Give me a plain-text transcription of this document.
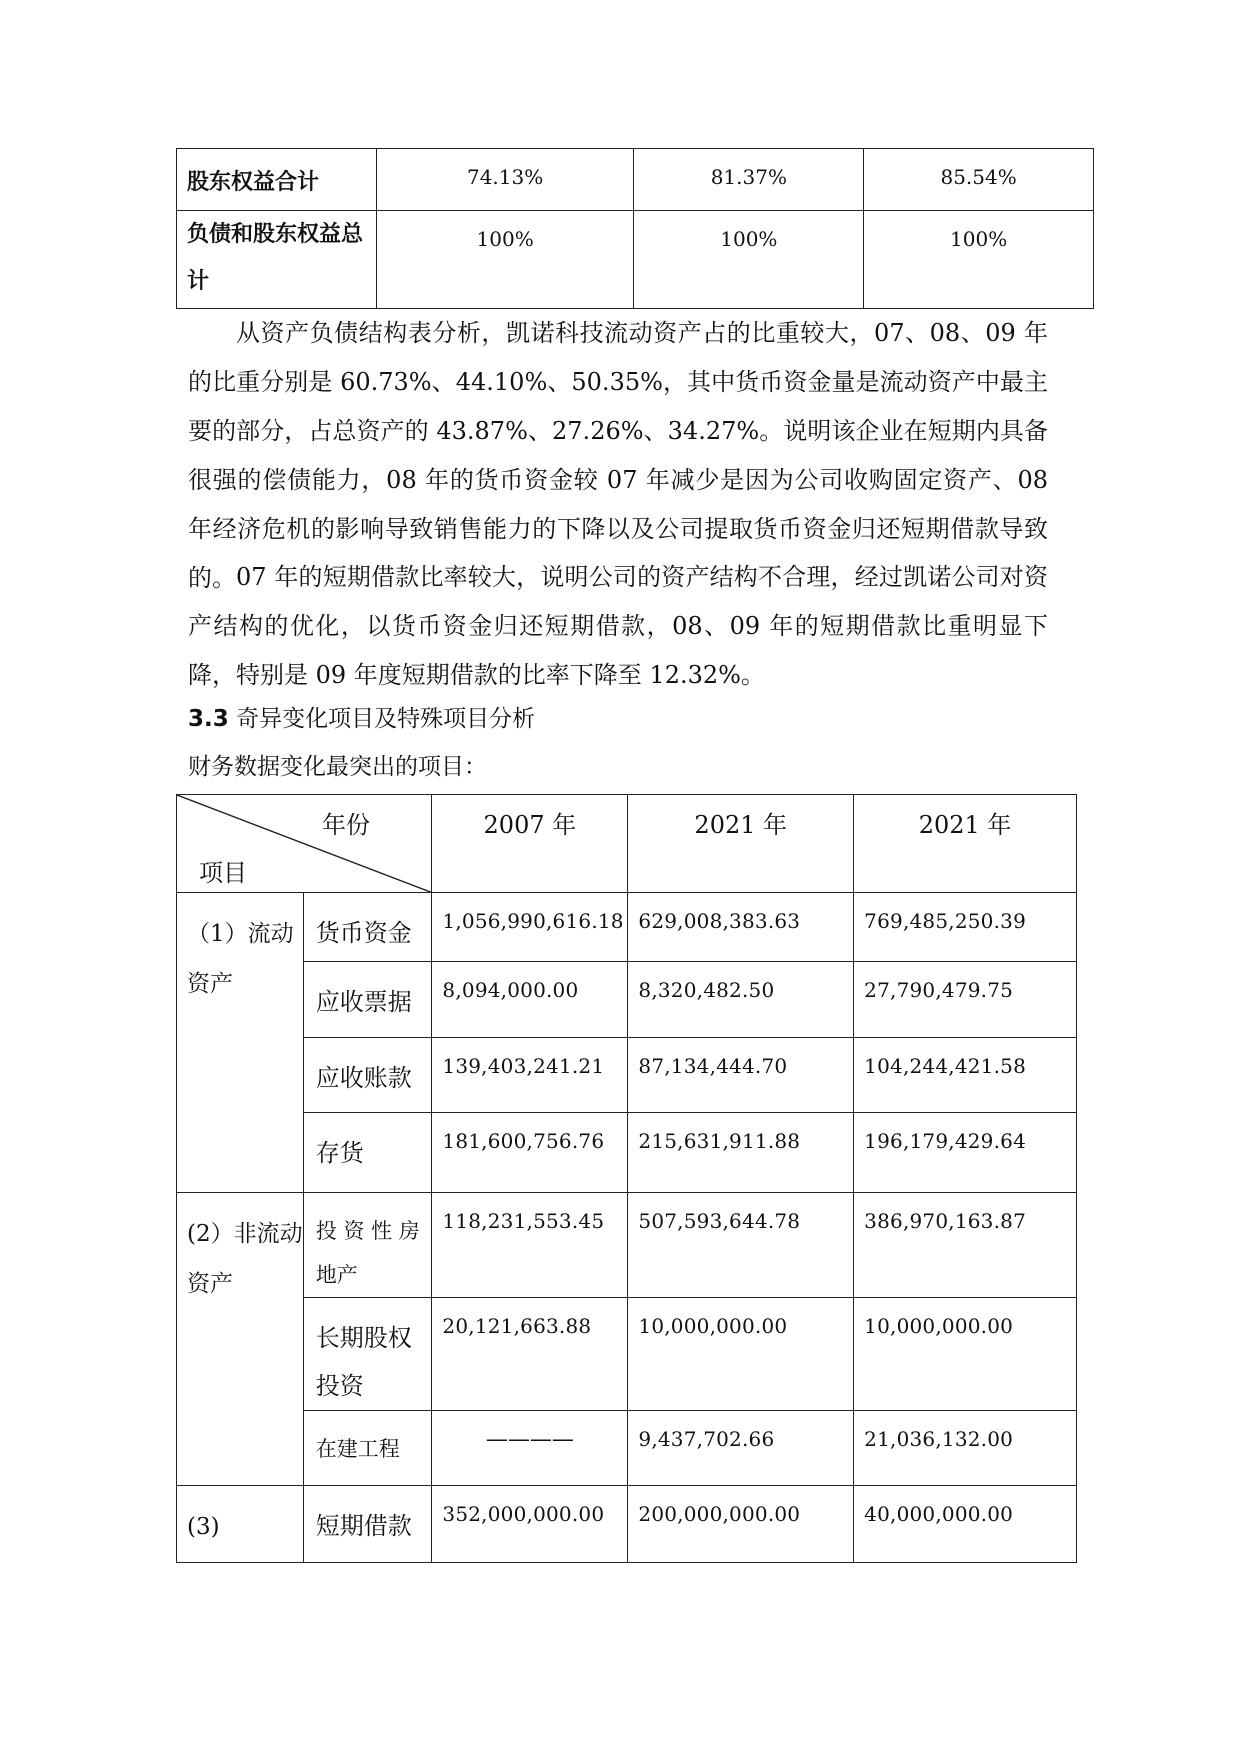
股东权益合计	74.13%	81.37%	85.54%
负债和股东权益总计	100%	100%	100%

从资产负债结构表分析，凯诺科技流动资产占的比重较大，07、08、09 年的比重分别是 60.73%、44.10%、50.35%，其中货币资金量是流动资产中最主要的部分，占总资产的 43.87%、27.26%、34.27%。说明该企业在短期内具备很强的偿债能力，08 年的货币资金较 07 年减少是因为公司收购固定资产、08 年经济危机的影响导致销售能力的下降以及公司提取货币资金归还短期借款导致的。 07 年的短期借款比率较大，说明公司的资产结构不合理，经过凯诺公司对资产结构的优化，以货币资金归还短期借款，08、09 年的短期借款比重明显下降，特别是 09 年度短期借款的比率下降至 12.32%。

3.3 奇异变化项目及特殊项目分析
财务数据变化最突出的项目：
年份
项目		2007 年	2021 年	2021 年
（1）流动资产	货币资金	1,056,990,616.18	629,008,383.63	769,485,250.39
	应收票据	8,094,000.00	8,320,482.50	27,790,479.75
	应收账款	139,403,241.21	87,134,444.70	104,244,421.58
	存货	181,600,756.76	215,631,911.88	196,179,429.64
(2）非流动资产	投 资 性 房地产	118,231,553.45	507,593,644.78	386,970,163.87
	长期股权投资	20,121,663.88	10,000,000.00	10,000,000.00
	在建工程	————	9,437,702.66	21,036,132.00
(3)	短期借款	352,000,000.00	200,000,000.00	40,000,000.00
